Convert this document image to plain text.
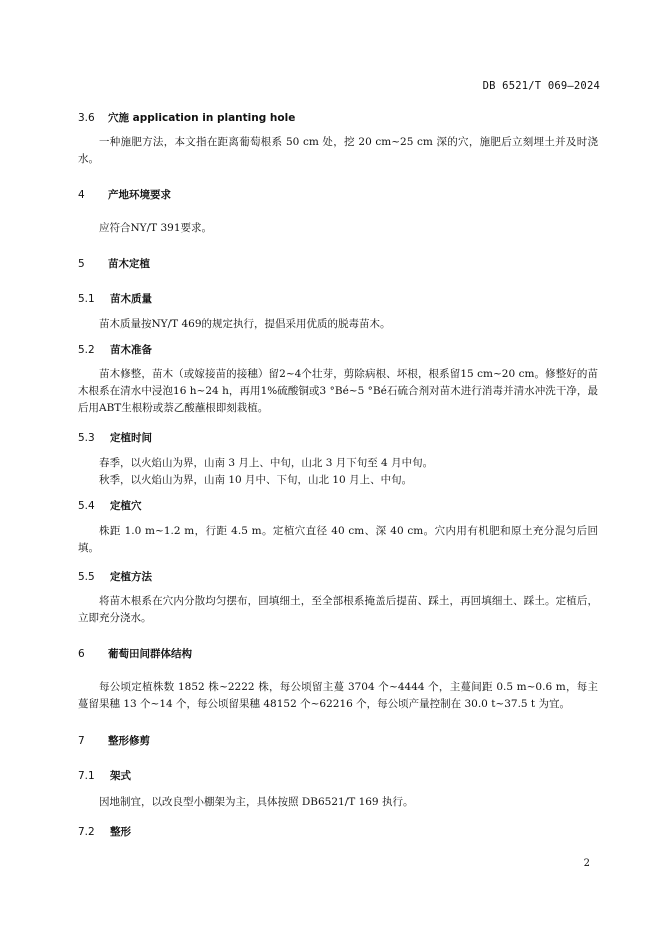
DB 6521/T 069—2024
3.6	穴施 application in planting hole

一种施肥方法，本文指在距离葡萄根系 50 cm 处，挖 20 cm~25 cm 深的穴，施肥后立刻埋土并及时浇水。

4	产地环境要求

应符合NY/T 391要求。

5	苗木定植
5.1	苗木质量

苗木质量按NY/T 469的规定执行，提倡采用优质的脱毒苗木。

5.2	苗木准备

苗木修整，苗木（或嫁接苗的接穗）留2~4个壮芽，剪除病根、坏根，根系留15 cm~20 cm。修整好的苗木根系在清水中浸泡16 h~24 h，再用1%硫酸铜或3 °Bé~5 °Bé石硫合剂对苗木进行消毒并清水冲洗干净，最后用ABT生根粉或萘乙酸蘸根即刻栽植。

5.3	定植时间

春季，以火焰山为界，山南 3 月上、中旬，山北 3 月下旬至 4 月中旬。

秋季，以火焰山为界，山南 10 月中、下旬，山北 10 月上、中旬。

5.4	定植穴

株距 1.0 m~1.2 m，行距 4.5 m。定植穴直径 40 cm、深 40 cm。穴内用有机肥和原土充分混匀后回填。

5.5	定植方法

将苗木根系在穴内分散均匀摆布，回填细土，至全部根系掩盖后提苗、踩土，再回填细土、踩土。定植后，立即充分浇水。

6	葡萄田间群体结构

每公顷定植株数 1852 株~2222 株，每公顷留主蔓 3704 个~4444 个，主蔓间距 0.5 m~0.6 m，每主蔓留果穗 13 个~14 个，每公顷留果穗 48152 个~62216 个，每公顷产量控制在 30.0 t~37.5 t 为宜。

7	整形修剪
7.1	架式

因地制宜，以改良型小棚架为主，具体按照 DB6521/T 169 执行。

7.2	整形
2
